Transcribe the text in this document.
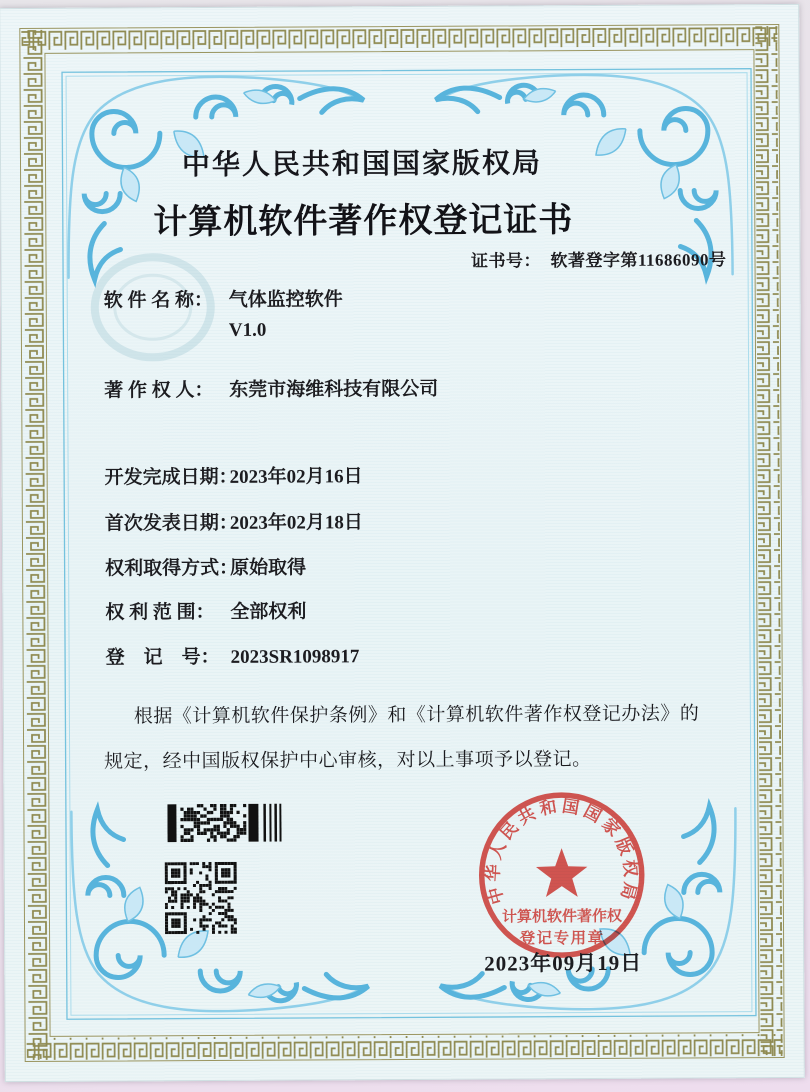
中华人民共和国国家版权局
计算机软件著作权登记证书
证书号： 软著登字第11686090号
软 件 名 称： 气体监控软件
V1.0
著 作 权 人： 东莞市海维科技有限公司
开发完成日期：
2023年02月16日
首次发表日期：
2023年02月18日
权利取得方式：
原始取得
权 利 范 围： 全部权利
登　记　号： 2023SR1098917
根据《计算机软件保护条例》和《计算机软件著作权登记办法》的
规定，经中国版权保护中心审核，对以上事项予以登记。
中华人民共和国国家版权局
计算机软件著作权
登记专用章
2023年09月19日
